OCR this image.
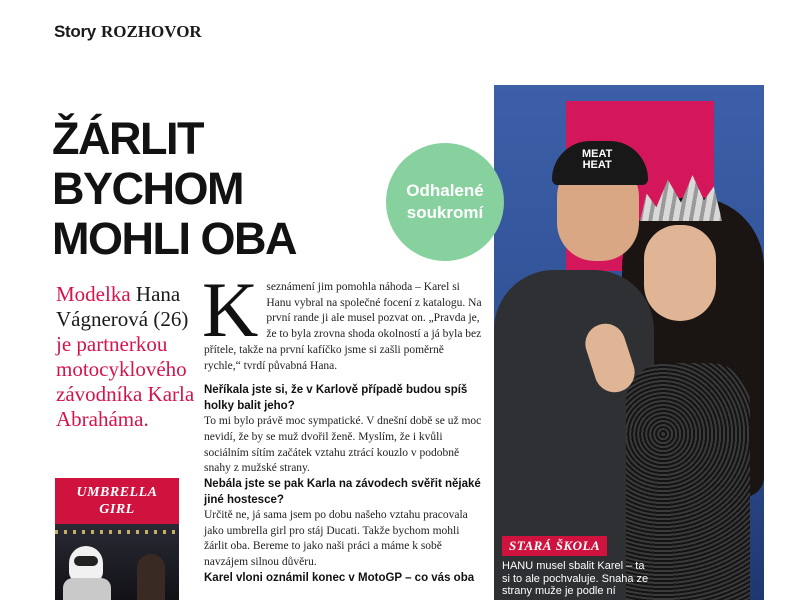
Story ROZHOVOR
ŽÁRLIT
BYCHOM
MOHLI OBA
Modelka Hana Vágnerová (26) je partnerkou motocyklového závodníka Karla Abraháma.
UMBRELLA
GIRL
K seznámení jim pomohla náhoda – Karel si Hanu vybral na společné focení z katalogu. Na první rande ji ale musel pozvat on. „Pravda je, že to byla zrovna shoda okolností a já byla bez přítele, takže na první kafíčko jsme si zašli poměrně rychle,“ tvrdí půvabná Hana.

Neříkala jste si, že v Karlově případě budou spíš holky balit jeho?

To mi bylo právě moc sympatické. V dnešní době se už moc nevidí, že by se muž dvořil ženě. Myslím, že i kvůli sociálním sítím začátek vztahu ztrácí kouzlo v podobně snahy z mužské strany.

Nebála jste se pak Karla na závodech svěřit nějaké jiné hostesce?

Určitě ne, já sama jsem po dobu našeho vztahu pracovala jako umbrella girl pro stáj Ducati. Takže bychom mohli žárlit oba. Bereme to jako naši práci a máme k sobě navzájem silnou důvěru.

Karel vloni oznámil konec v MotoGP – co vás oba

MEAT
HEAT
Odhalené
soukromí
STARÁ ŠKOLA
HANU musel sbalit Karel – ta si to ale pochvaluje. Snaha ze strany muže je podle ní
